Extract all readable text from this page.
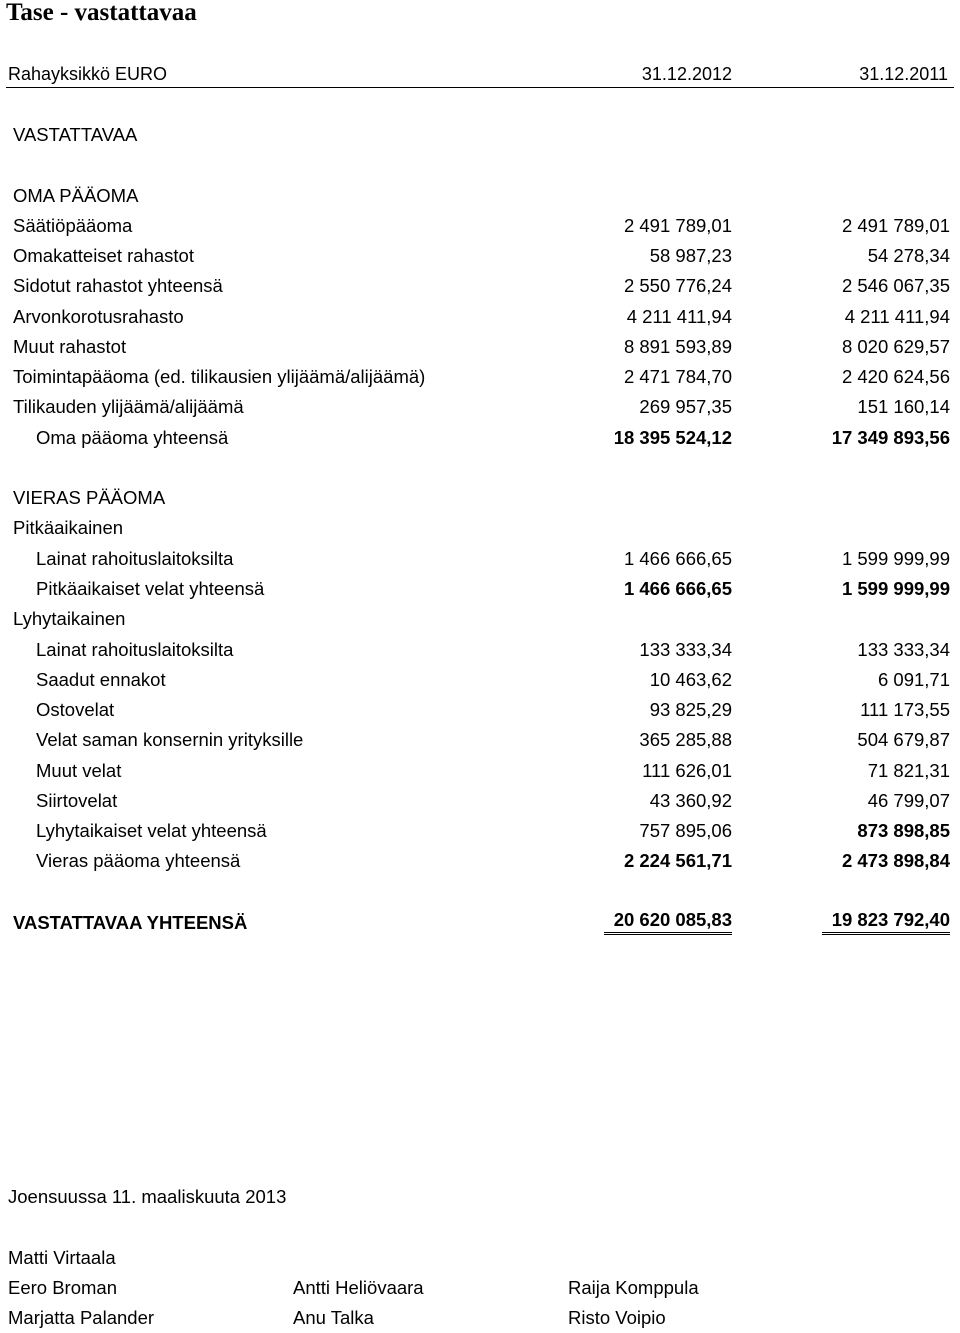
Tase - vastattavaa
Rahayksikkö EURO	31.12.2012	31.12.2011
VASTATTAVAA
OMA PÄÄOMA
Säätiöpääoma	2 491 789,01	2 491 789,01
Omakatteiset rahastot	58 987,23	54 278,34
Sidotut rahastot yhteensä	2 550 776,24	2 546 067,35
Arvonkorotusrahasto	4 211 411,94	4 211 411,94
Muut rahastot	8 891 593,89	8 020 629,57
Toimintapääoma (ed. tilikausien ylijäämä/alijäämä)	2 471 784,70	2 420 624,56
Tilikauden ylijäämä/alijäämä	269 957,35	151 160,14
Oma pääoma yhteensä	18 395 524,12	17 349 893,56
VIERAS PÄÄOMA
Pitkäaikainen
Lainat rahoituslaitoksilta	1 466 666,65	1 599 999,99
Pitkäaikaiset velat yhteensä	1 466 666,65	1 599 999,99
Lyhytaikainen
Lainat rahoituslaitoksilta	133 333,34	133 333,34
Saadut ennakot	10 463,62	6 091,71
Ostovelat	93 825,29	111 173,55
Velat saman konsernin yrityksille	365 285,88	504 679,87
Muut velat	111 626,01	71 821,31
Siirtovelat	43 360,92	46 799,07
Lyhytaikaiset velat yhteensä	757 895,06	873 898,85
Vieras pääoma yhteensä	2 224 561,71	2 473 898,84
VASTATTAVAA YHTEENSÄ	20 620 085,83	19 823 792,40
Joensuussa 11. maaliskuuta 2013
Matti Virtaala
Eero Broman	Antti Heliövaara	Raija Komppula
Marjatta Palander	Anu Talka	Risto Voipio
